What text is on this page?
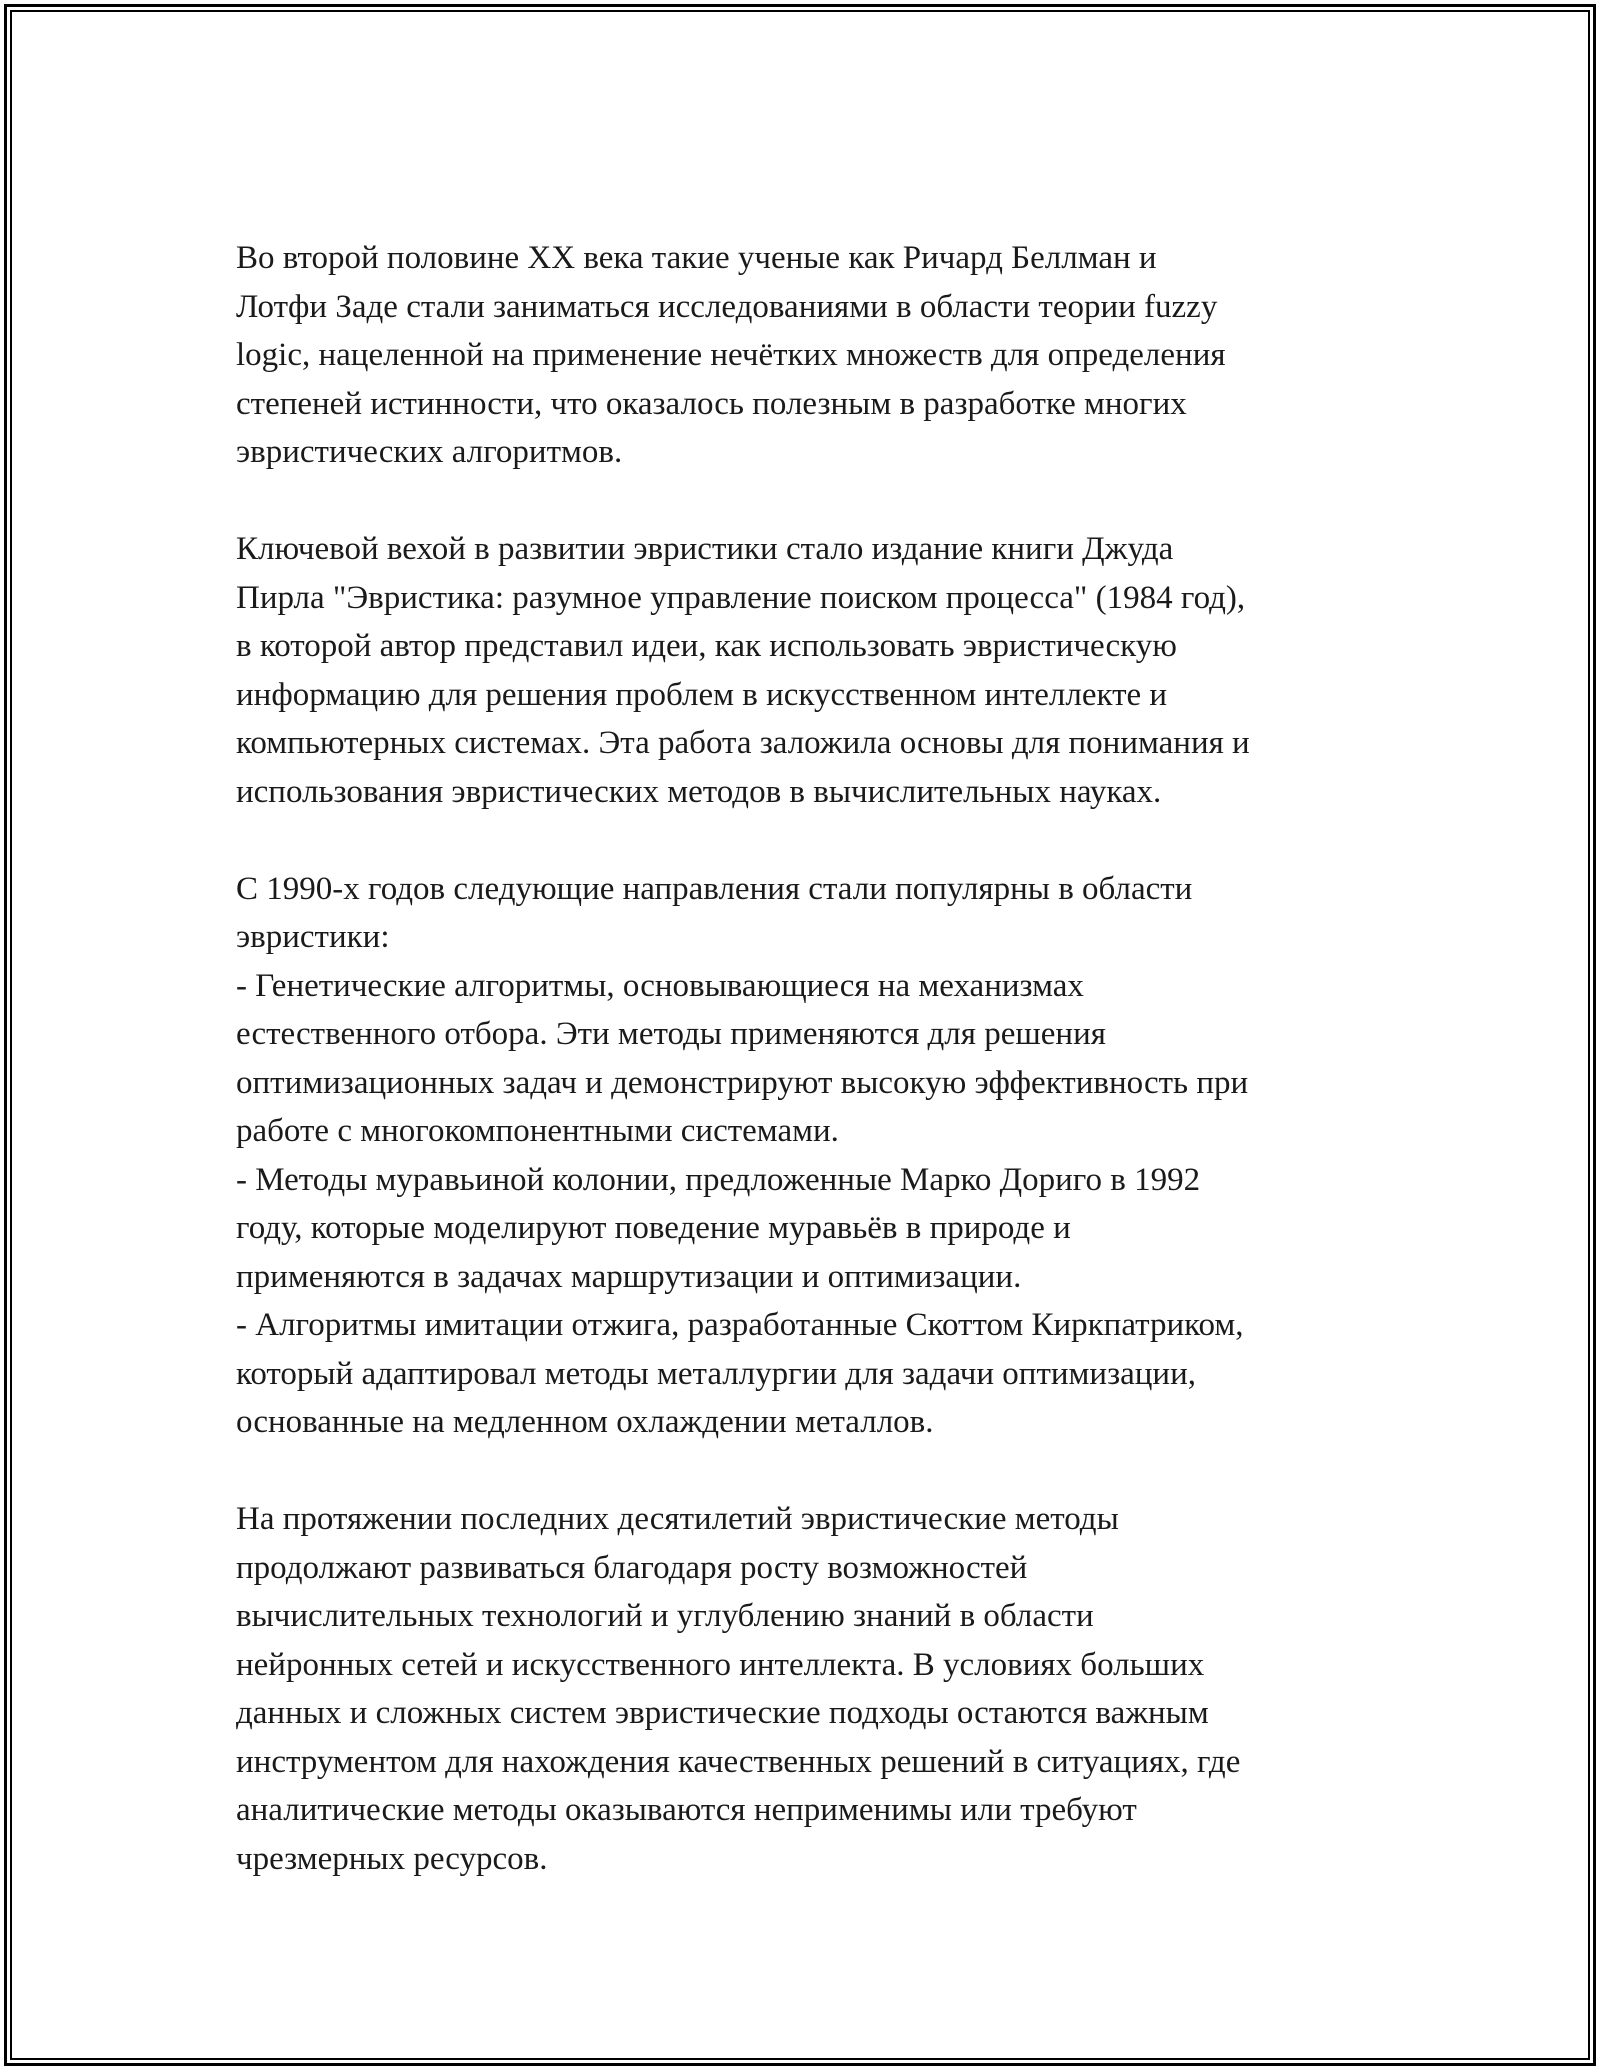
Во второй половине XX века такие ученые как Ричард Беллман и
Лотфи Заде стали заниматься исследованиями в области теории fuzzy
logic, нацеленной на применение нечётких множеств для определения
степеней истинности, что оказалось полезным в разработке многих
эвристических алгоритмов.

Ключевой вехой в развитии эвристики стало издание книги Джуда
Пирла "Эвристика: разумное управление поиском процесса" (1984 год),
в которой автор представил идеи, как использовать эвристическую
информацию для решения проблем в искусственном интеллекте и
компьютерных системах. Эта работа заложила основы для понимания и
использования эвристических методов в вычислительных науках.

С 1990-х годов следующие направления стали популярны в области
эвристики:
- Генетические алгоритмы, основывающиеся на механизмах
естественного отбора. Эти методы применяются для решения
оптимизационных задач и демонстрируют высокую эффективность при
работе с многокомпонентными системами.
- Методы муравьиной колонии, предложенные Марко Дориго в 1992
году, которые моделируют поведение муравьёв в природе и
применяются в задачах маршрутизации и оптимизации.
- Алгоритмы имитации отжига, разработанные Скоттом Киркпатриком,
который адаптировал методы металлургии для задачи оптимизации,
основанные на медленном охлаждении металлов.

На протяжении последних десятилетий эвристические методы
продолжают развиваться благодаря росту возможностей
вычислительных технологий и углублению знаний в области
нейронных сетей и искусственного интеллекта. В условиях больших
данных и сложных систем эвристические подходы остаются важным
инструментом для нахождения качественных решений в ситуациях, где
аналитические методы оказываются неприменимы или требуют
чрезмерных ресурсов.
